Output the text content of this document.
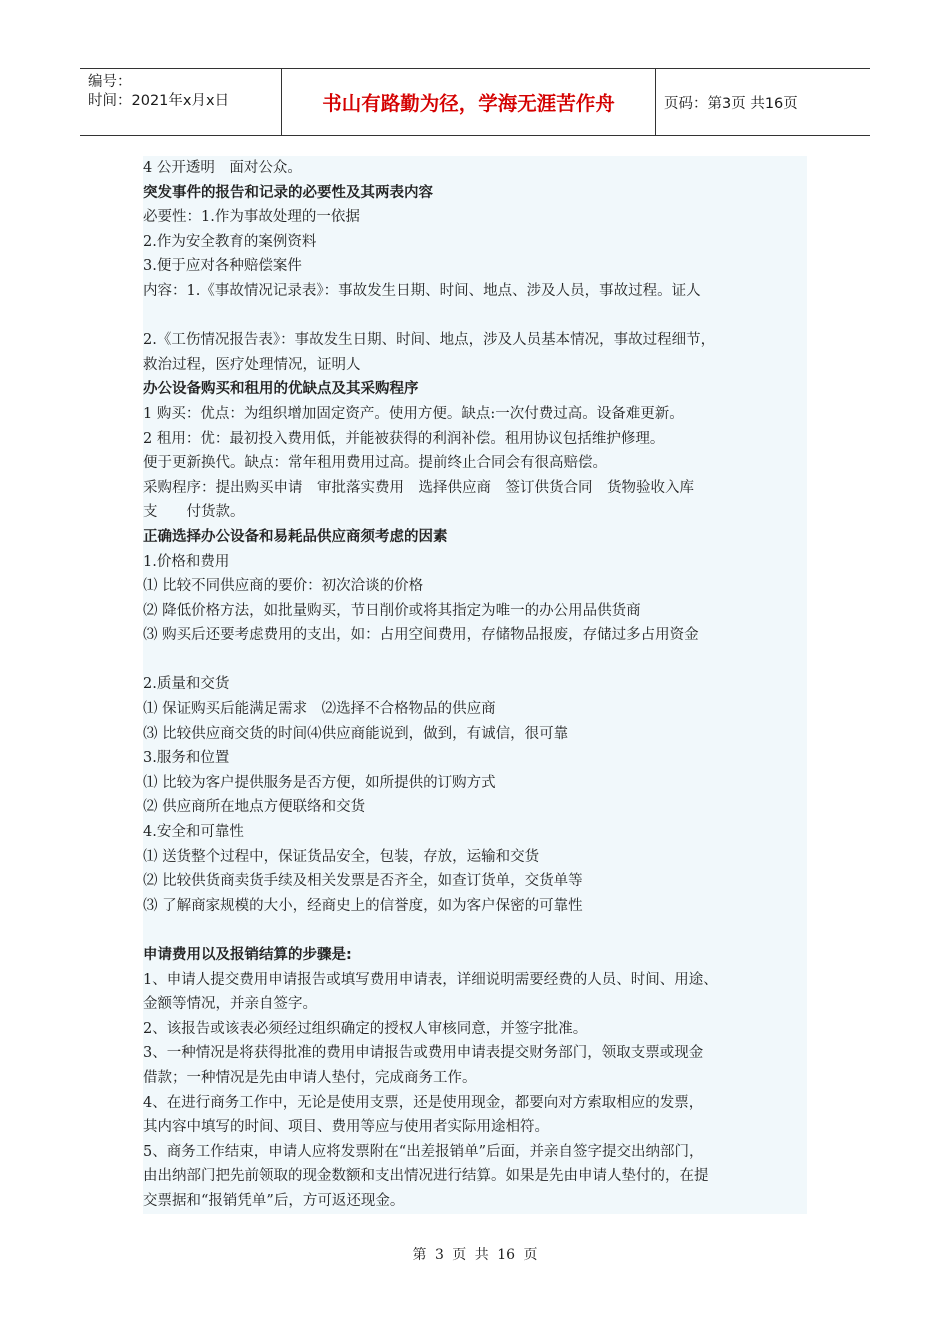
编号：
时间：2021年x月x日	书山有路勤为径，学海无涯苦作舟	页码：第3页 共16页

4 公开透明　面对公众。

突发事件的报告和记录的必要性及其两表内容

必要性：1.作为事故处理的一依据

2.作为安全教育的案例资料

3.便于应对各种赔偿案件

内容：1.《事故情况记录表》：事故发生日期、时间、地点、涉及人员，事故过程。证人

2.《工伤情况报告表》：事故发生日期、时间、地点，涉及人员基本情况，事故过程细节，

救治过程，医疗处理情况，证明人

办公设备购买和租用的优缺点及其采购程序

1 购买：优点：为组织增加固定资产。使用方便。缺点:一次付费过高。设备难更新。

2 租用：优：最初投入费用低，并能被获得的利润补偿。租用协议包括维护修理。

便于更新换代。缺点：常年租用费用过高。提前终止合同会有很高赔偿。

采购程序：提出购买申请　审批落实费用　选择供应商　签订供货合同　货物验收入库

支　　付货款。

正确选择办公设备和易耗品供应商须考虑的因素

1.价格和费用

⑴ 比较不同供应商的要价：初次洽谈的价格

⑵ 降低价格方法，如批量购买，节日削价或将其指定为唯一的办公用品供货商

⑶ 购买后还要考虑费用的支出，如：占用空间费用，存储物品报废，存储过多占用资金

2.质量和交货

⑴ 保证购买后能满足需求　⑵选择不合格物品的供应商

⑶ 比较供应商交货的时间⑷供应商能说到，做到，有诚信，很可靠

3.服务和位置

⑴ 比较为客户提供服务是否方便，如所提供的订购方式

⑵ 供应商所在地点方便联络和交货

4.安全和可靠性

⑴ 送货整个过程中，保证货品安全，包装，存放，运输和交货

⑵ 比较供货商卖货手续及相关发票是否齐全，如查订货单，交货单等

⑶ 了解商家规模的大小，经商史上的信誉度，如为客户保密的可靠性

申请费用以及报销结算的步骤是:

1、申请人提交费用申请报告或填写费用申请表，详细说明需要经费的人员、时间、用途、

金额等情况，并亲自签字。

2、该报告或该表必须经过组织确定的授权人审核同意，并签字批准。

3、一种情况是将获得批准的费用申请报告或费用申请表提交财务部门，领取支票或现金

借款；一种情况是先由申请人垫付，完成商务工作。

4、在进行商务工作中，无论是使用支票，还是使用现金，都要向对方索取相应的发票，

其内容中填写的时间、项目、费用等应与使用者实际用途相符。

5、商务工作结束，申请人应将发票附在“出差报销单”后面，并亲自签字提交出纳部门，

由出纳部门把先前领取的现金数额和支出情况进行结算。如果是先由申请人垫付的，在提

交票据和“报销凭单”后，方可返还现金。

第 3 页 共 16 页
